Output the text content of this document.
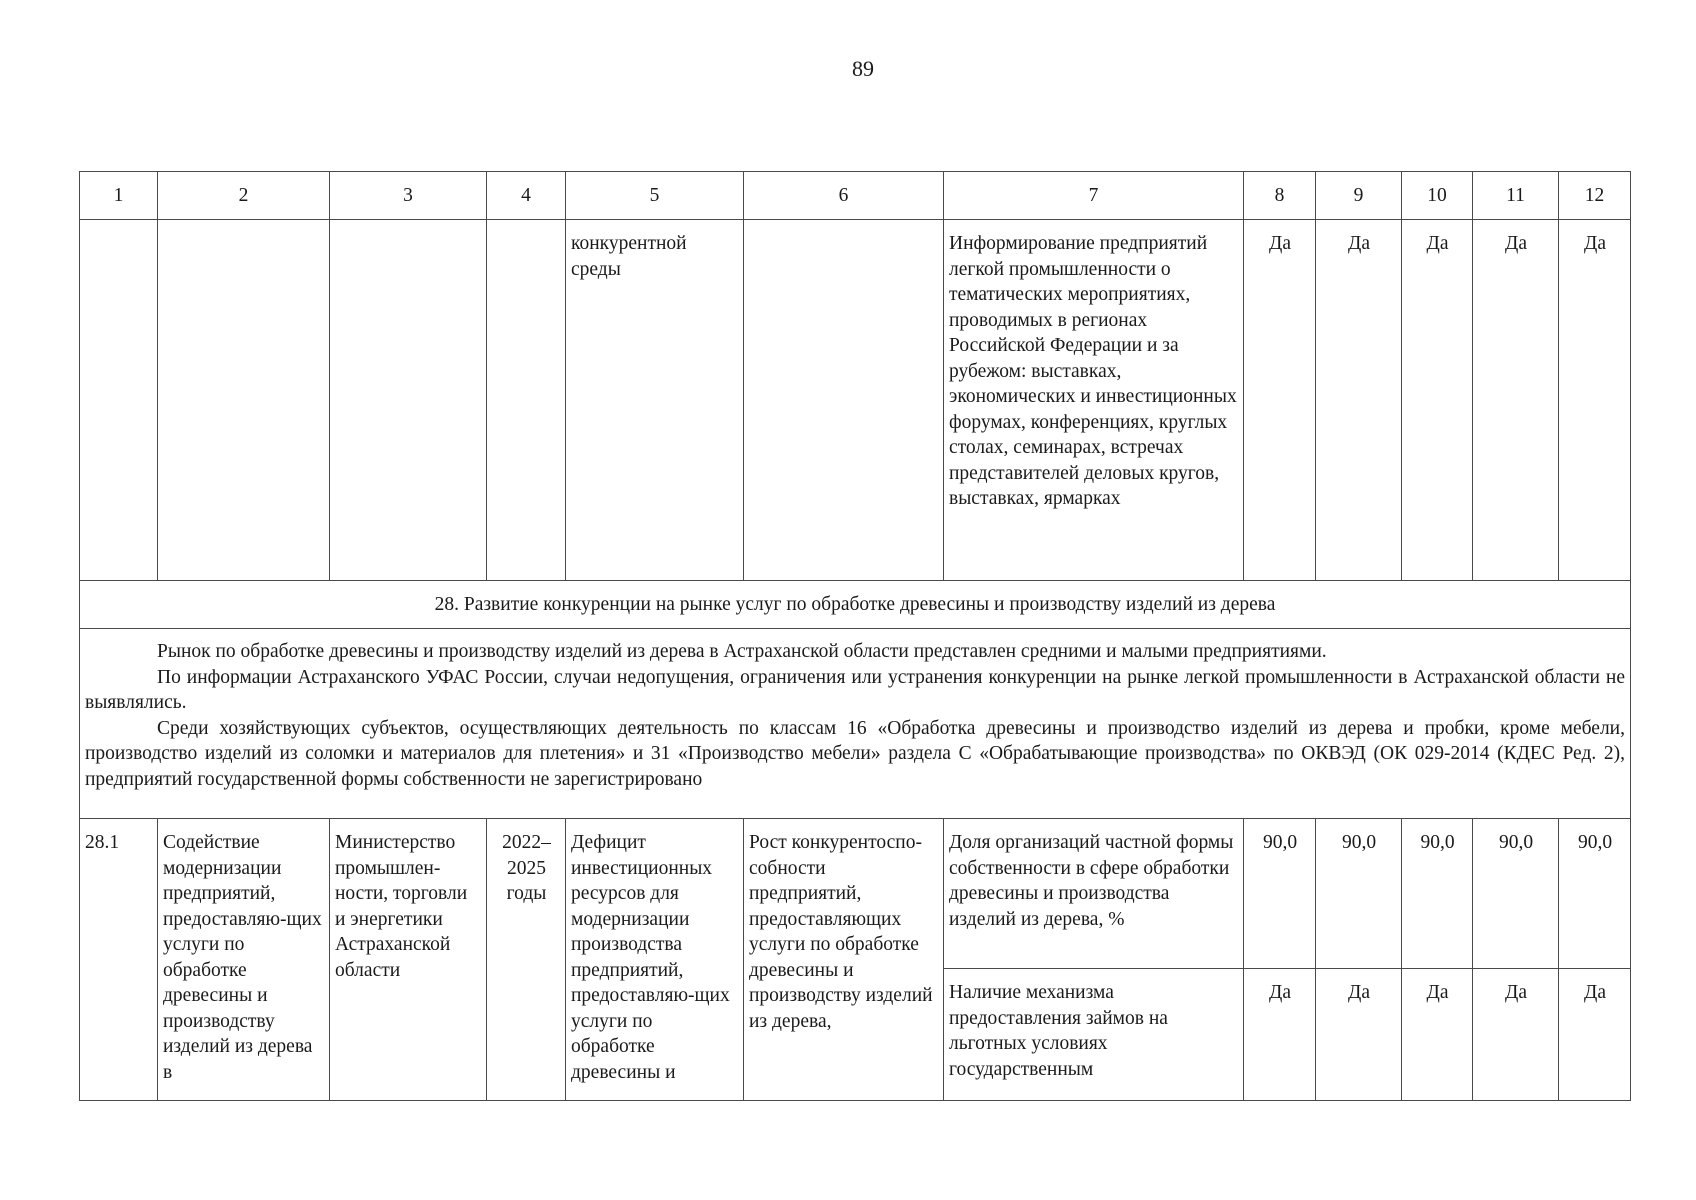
89
1	2	3	4	5	6	7	8	9	10	11	12
				конкурентной среды		Информирование предприятий легкой промышленности о тематических мероприятиях, проводимых в регионах Российской Федерации и за рубежом: выставках, экономических и инвестиционных форумах, конференциях, круглых столах, семинарах, встречах представителей деловых кругов, выставках, ярмарках	Да	Да	Да	Да	Да
28. Развитие конкуренции на рынке услуг по обработке древесины и производству изделий из дерева											

Рынок по обработке древесины и производству изделий из дерева в Астраханской области представлен средними и малыми предприятиями.

По информации Астраханского УФАС России, случаи недопущения, ограничения или устранения конкуренции на рынке легкой промышленности в Астраханской области не выявлялись.

Среди хозяйствующих субъектов, осуществляющих деятельность по классам 16 «Обработка древесины и производство изделий из дерева и пробки, кроме мебели, производство изделий из соломки и материалов для плетения» и 31 «Производство мебели» раздела C «Обрабатывающие производства» по ОКВЭД (ОК 029-2014 (КДЕС Ред. 2), предприятий государственной формы собственности не зарегистрировано											

28.1	Содействие модернизации предприятий, предоставляю-щих услуги по обработке древесины и производству изделий из дерева в	Министерство промышлен-ности, торговли и энергетики Астраханской области	2022–2025 годы	Дефицит инвестиционных ресурсов для модернизации производства предприятий, предоставляю-щих услуги по обработке древесины и	Рост конкурентоспо-собности предприятий, предоставляющих услуги по обработке древесины и производству изделий из дерева,	Доля организаций частной формы собственности в сфере обработки древесины и производства изделий из дерева, %	90,0	90,0	90,0	90,0	90,0
						Наличие механизма предоставления займов на льготных условиях государственным	Да	Да	Да	Да	Да
